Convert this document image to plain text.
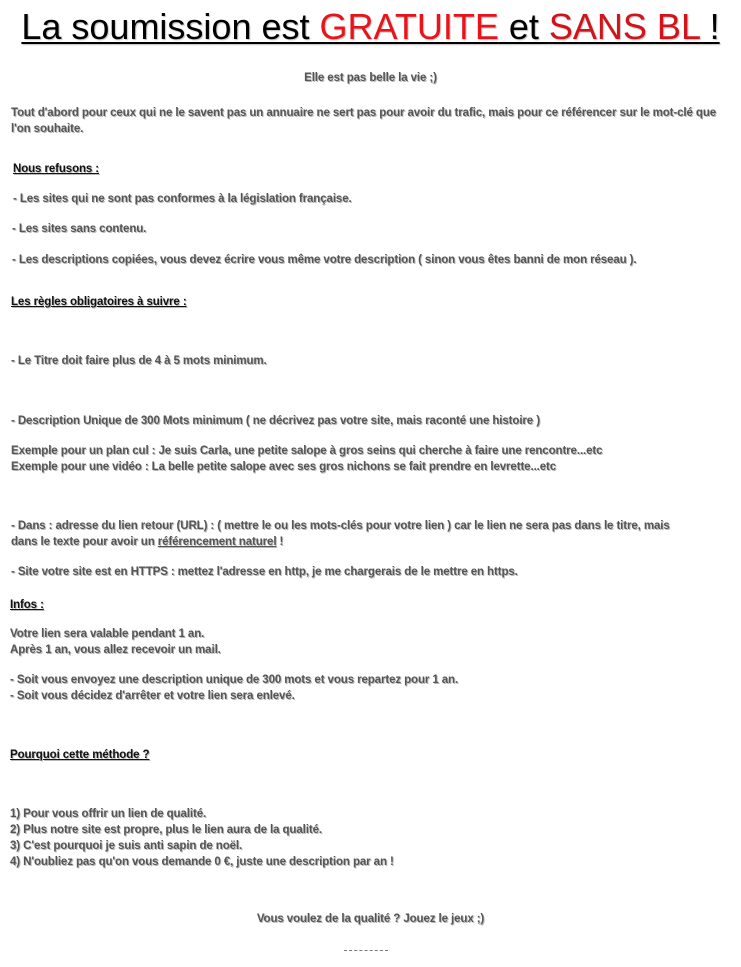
La soumission est GRATUITE et SANS BL !
Elle est pas belle la vie ;)
Tout d'abord pour ceux qui ne le savent pas un annuaire ne sert pas pour avoir du trafic, mais pour ce référencer sur le mot-clé que
l'on souhaite.
Nous refusons :
- Les sites qui ne sont pas conformes à la législation française.
- Les sites sans contenu.
- Les descriptions copiées, vous devez écrire vous même votre description ( sinon vous êtes banni de mon réseau ).
Les règles obligatoires à suivre :
- Le Titre doit faire plus de 4 à 5 mots minimum.
- Description Unique de 300 Mots minimum ( ne décrivez pas votre site, mais raconté une histoire )
Exemple pour un plan cul : Je suis Carla, une petite salope à gros seins qui cherche à faire une rencontre...etc
Exemple pour une vidéo : La belle petite salope avec ses gros nichons se fait prendre en levrette...etc
- Dans : adresse du lien retour (URL) : ( mettre le ou les mots-clés pour votre lien ) car le lien ne sera pas dans le titre, mais
dans le texte pour avoir un référencement naturel !
- Site votre site est en HTTPS : mettez l'adresse en http, je me chargerais de le mettre en https.
Infos :
Votre lien sera valable pendant 1 an.
Après 1 an, vous allez recevoir un mail.
- Soit vous envoyez une description unique de 300 mots et vous repartez pour 1 an.
- Soit vous décidez d'arrêter et votre lien sera enlevé.
Pourquoi cette méthode ?
1) Pour vous offrir un lien de qualité.
2) Plus notre site est propre, plus le lien aura de la qualité.
3) C'est pourquoi je suis anti sapin de noël.
4) N'oubliez pas qu'on vous demande 0 €, juste une description par an !
Vous voulez de la qualité ? Jouez le jeux ;)
